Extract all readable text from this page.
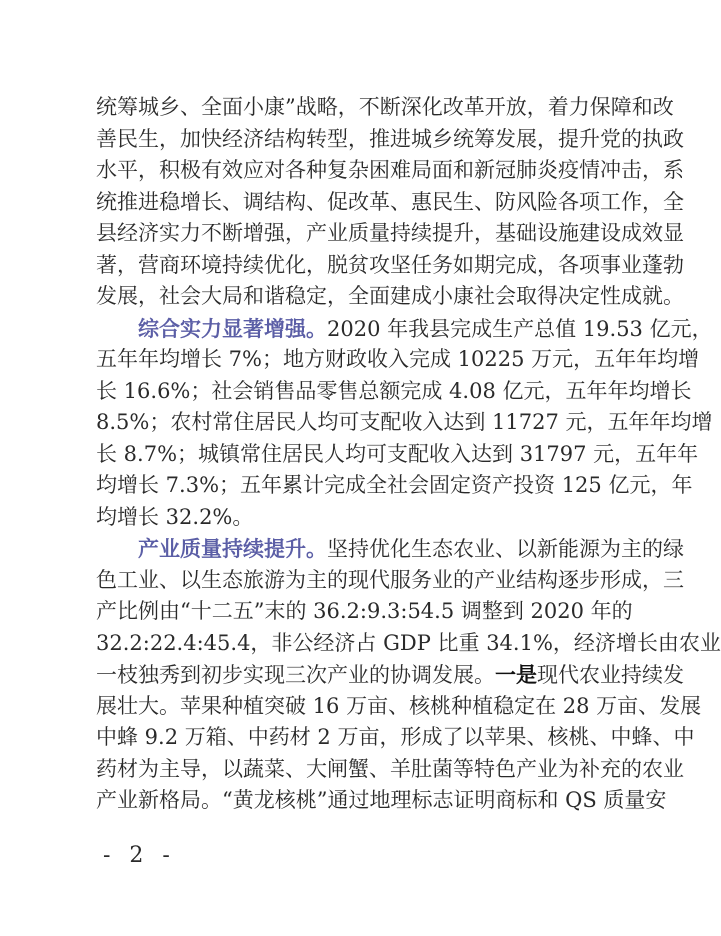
统筹城乡、全面小康”战略，不断深化改革开放，着力保障和改
善民生，加快经济结构转型，推进城乡统筹发展，提升党的执政
水平，积极有效应对各种复杂困难局面和新冠肺炎疫情冲击，系
统推进稳增长、调结构、促改革、惠民生、防风险各项工作，全
县经济实力不断增强，产业质量持续提升，基础设施建设成效显
著，营商环境持续优化，脱贫攻坚任务如期完成，各项事业蓬勃
发展，社会大局和谐稳定，全面建成小康社会取得决定性成就。
综合实力显著增强。2020 年我县完成生产总值 19.53 亿元，
五年年均增长 7%；地方财政收入完成 10225 万元，五年年均增
长 16.6%；社会销售品零售总额完成 4.08 亿元，五年年均增长
8.5%；农村常住居民人均可支配收入达到 11727 元，五年年均增
长 8.7%；城镇常住居民人均可支配收入达到 31797 元，五年年
均增长 7.3%；五年累计完成全社会固定资产投资 125 亿元，年
均增长 32.2%。
产业质量持续提升。坚持优化生态农业、以新能源为主的绿
色工业、以生态旅游为主的现代服务业的产业结构逐步形成，三
产比例由“十二五”末的 36.2:9.3:54.5 调整到 2020 年的
32.2:22.4:45.4，非公经济占 GDP 比重 34.1%，经济增长由农业
一枝独秀到初步实现三次产业的协调发展。一是现代农业持续发
展壮大。苹果种植突破 16 万亩、核桃种植稳定在 28 万亩、发展
中蜂 9.2 万箱、中药材 2 万亩，形成了以苹果、核桃、中蜂、中
药材为主导，以蔬菜、大闸蟹、羊肚菌等特色产业为补充的农业
产业新格局。“黄龙核桃”通过地理标志证明商标和 QS 质量安
- 2 -
